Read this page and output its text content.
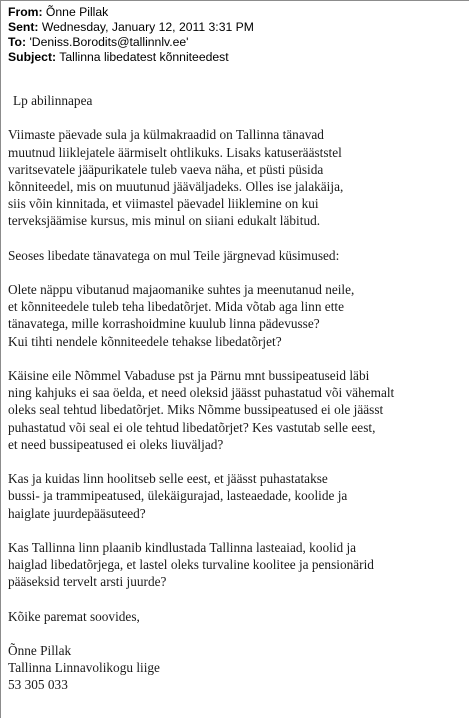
From: Õnne Pillak
Sent: Wednesday, January 12, 2011 3:31 PM
To: 'Deniss.Borodits@tallinnlv.ee'
Subject: Tallinna libedatest kõnniteedest
Lp abilinnapea
Viimaste päevade sula ja külmakraadid on Tallinna tänavad
muutnud liiklejatele äärmiselt ohtlikuks. Lisaks katuserääststel
varitsevatele jääpurikatele tuleb vaeva näha, et püsti püsida
kõnniteedel, mis on muutunud jääväljadeks. Olles ise jalakäija,
siis võin kinnitada, et viimastel päevadel liiklemine on kui
terveksjäämise kursus, mis minul on siiani edukalt läbitud.
Seoses libedate tänavatega on mul Teile järgnevad küsimused:
Olete näppu vibutanud majaomanike suhtes ja meenutanud neile,
et kõnniteedele tuleb teha libedatõrjet. Mida võtab aga linn ette
tänavatega, mille korrashoidmine kuulub linna pädevusse?
Kui tihti nendele kõnniteedele tehakse libedatõrjet?
Käisine eile Nõmmel Vabaduse pst ja Pärnu mnt bussipeatuseid läbi
ning kahjuks ei saa öelda, et need oleksid jäässt puhastatud või vähemalt
oleks seal tehtud libedatõrjet. Miks Nõmme bussipeatused ei ole jäässt
puhastatud või seal ei ole tehtud libedatõrjet? Kes vastutab selle eest,
et need bussipeatused ei oleks liuväljad?
Kas ja kuidas linn hoolitseb selle eest, et jäässt puhastatakse
bussi- ja trammipeatused, ülekäigurajad, lasteaedade, koolide ja
haiglate juurdepääsuteed?
Kas Tallinna linn plaanib kindlustada Tallinna lasteaiad, koolid ja
haiglad libedatõrjega, et lastel oleks turvaline koolitee ja pensionärid
pääseksid tervelt arsti juurde?
Kõike paremat soovides,
Õnne Pillak
Tallinna Linnavolikogu liige
53 305 033
